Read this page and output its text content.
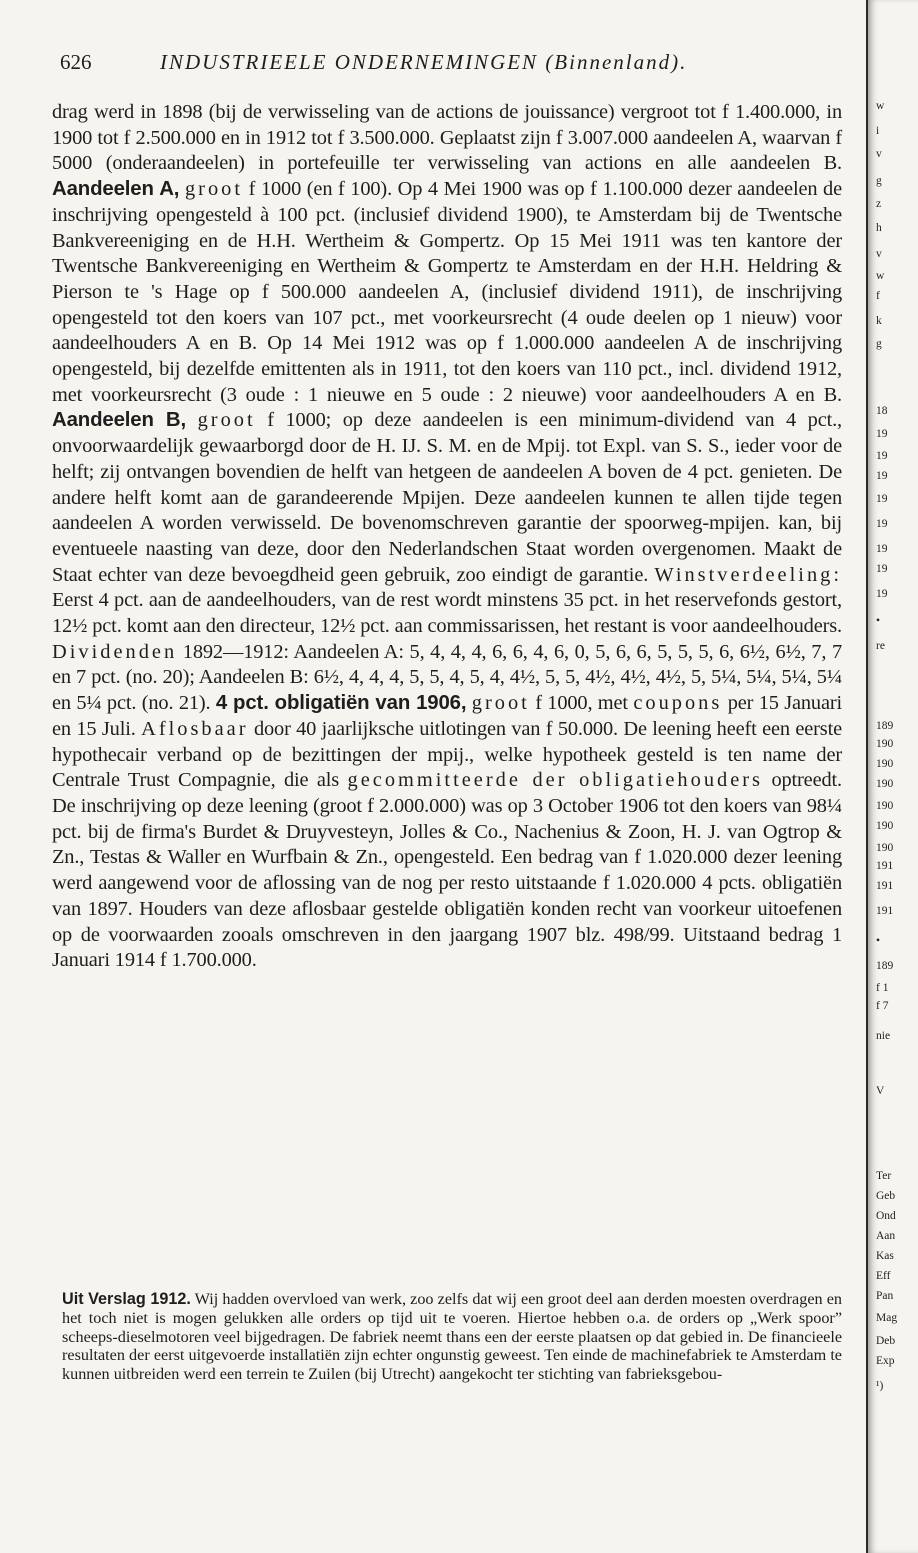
626	INDUSTRIEELE ONDERNEMINGEN (Binnenland).

drag werd in 1898 (bij de verwisseling van de actions de jouissance) vergroot tot f 1.400.000, in 1900 tot f 2.500.000 en in 1912 tot f 3.500.000. Geplaatst zijn f 3.007.000 aandeelen A, waarvan f 5000 (onderaandeelen) in portefeuille ter verwisseling van actions en alle aandeelen B. Aandeelen A, groot f 1000 (en f 100). Op 4 Mei 1900 was op f 1.100.000 dezer aandeelen de inschrijving opengesteld à 100 pct. (inclusief dividend 1900), te Amsterdam bij de Twentsche Bankvereeniging en de H.H. Wertheim & Gompertz. Op 15 Mei 1911 was ten kantore der Twentsche Bankvereeniging en Wertheim & Gompertz te Amsterdam en der H.H. Heldring & Pierson te 's Hage op f 500.000 aandeelen A, (inclusief dividend 1911), de inschrijving opengesteld tot den koers van 107 pct., met voorkeursrecht (4 oude deelen op 1 nieuw) voor aandeelhouders A en B. Op 14 Mei 1912 was op f 1.000.000 aandeelen A de inschrijving opengesteld, bij dezelfde emittenten als in 1911, tot den koers van 110 pct., incl. dividend 1912, met voorkeursrecht (3 oude : 1 nieuwe en 5 oude : 2 nieuwe) voor aandeelhouders A en B. Aandeelen B, groot f 1000; op deze aandeelen is een minimum-dividend van 4 pct., onvoorwaardelijk gewaarborgd door de H. IJ. S. M. en de Mpij. tot Expl. van S. S., ieder voor de helft; zij ontvangen bovendien de helft van hetgeen de aandeelen A boven de 4 pct. genieten. De andere helft komt aan de garandeerende Mpijen. Deze aandeelen kunnen te allen tijde tegen aandeelen A worden verwisseld. De bovenomschreven garantie der spoorweg-mpijen. kan, bij eventueele naasting van deze, door den Nederlandschen Staat worden overgenomen. Maakt de Staat echter van deze bevoegdheid geen gebruik, zoo eindigt de garantie. Winstverdeeling: Eerst 4 pct. aan de aandeelhouders, van de rest wordt minstens 35 pct. in het reservefonds gestort, 12½ pct. komt aan den directeur, 12½ pct. aan commissarissen, het restant is voor aandeelhouders. Dividenden 1892—1912: Aandeelen A: 5, 4, 4, 4, 6, 6, 4, 6, 0, 5, 6, 6, 5, 5, 5, 6, 6½, 6½, 7, 7 en 7 pct. (no. 20); Aandeelen B: 6½, 4, 4, 4, 5, 5, 4, 5, 4, 4½, 5, 5, 4½, 4½, 4½, 5, 5¼, 5¼, 5¼, 5¼ en 5¼ pct. (no. 21). 4 pct. obligatiën van 1906, groot f 1000, met coupons per 15 Januari en 15 Juli. Aflosbaar door 40 jaarlijksche uitlotingen van f 50.000. De leening heeft een eerste hypothecair verband op de bezittingen der mpij., welke hypotheek gesteld is ten name der Centrale Trust Compagnie, die als gecommitteerde der obligatiehouders optreedt. De inschrijving op deze leening (groot f 2.000.000) was op 3 October 1906 tot den koers van 98¼ pct. bij de firma's Burdet & Druyvesteyn, Jolles & Co., Nachenius & Zoon, H. J. van Ogtrop & Zn., Testas & Waller en Wurfbain & Zn., opengesteld. Een bedrag van f 1.020.000 dezer leening werd aangewend voor de aflossing van de nog per resto uitstaande f 1.020.000 4 pcts. obligatiën van 1897. Houders van deze aflosbaar gestelde obligatiën konden recht van voorkeur uitoefenen op de voorwaarden zooals omschreven in den jaargang 1907 blz. 498/99. Uitstaand bedrag 1 Januari 1914 f 1.700.000.

Uit Verslag 1912. Wij hadden overvloed van werk, zoo zelfs dat wij een groot deel aan derden moesten overdragen en het toch niet is mogen gelukken alle orders op tijd uit te voeren. Hiertoe hebben o.a. de orders op „Werk spoor” scheeps-dieselmotoren veel bijgedragen. De fabriek neemt thans een der eerste plaatsen op dat gebied in. De financieele resultaten der eerst uitgevoerde installatiën zijn echter ongunstig geweest. Ten einde de machinefabriek te Amsterdam te kunnen uitbreiden werd een terrein te Zuilen (bij Utrecht) aangekocht ter stichting van fabrieksgebou-

w
i
v
g
z
h
v
w
f
k
g
18
19
19
19
19
19
19
19
19
•
re
189
190
190
190
190
190
190
191
191
191
•
189
f 1
f 7
nie
V
Ter
Geb
Ond
Aan
Kas
Eff
Pan
Mag
Deb
Exp
¹)
